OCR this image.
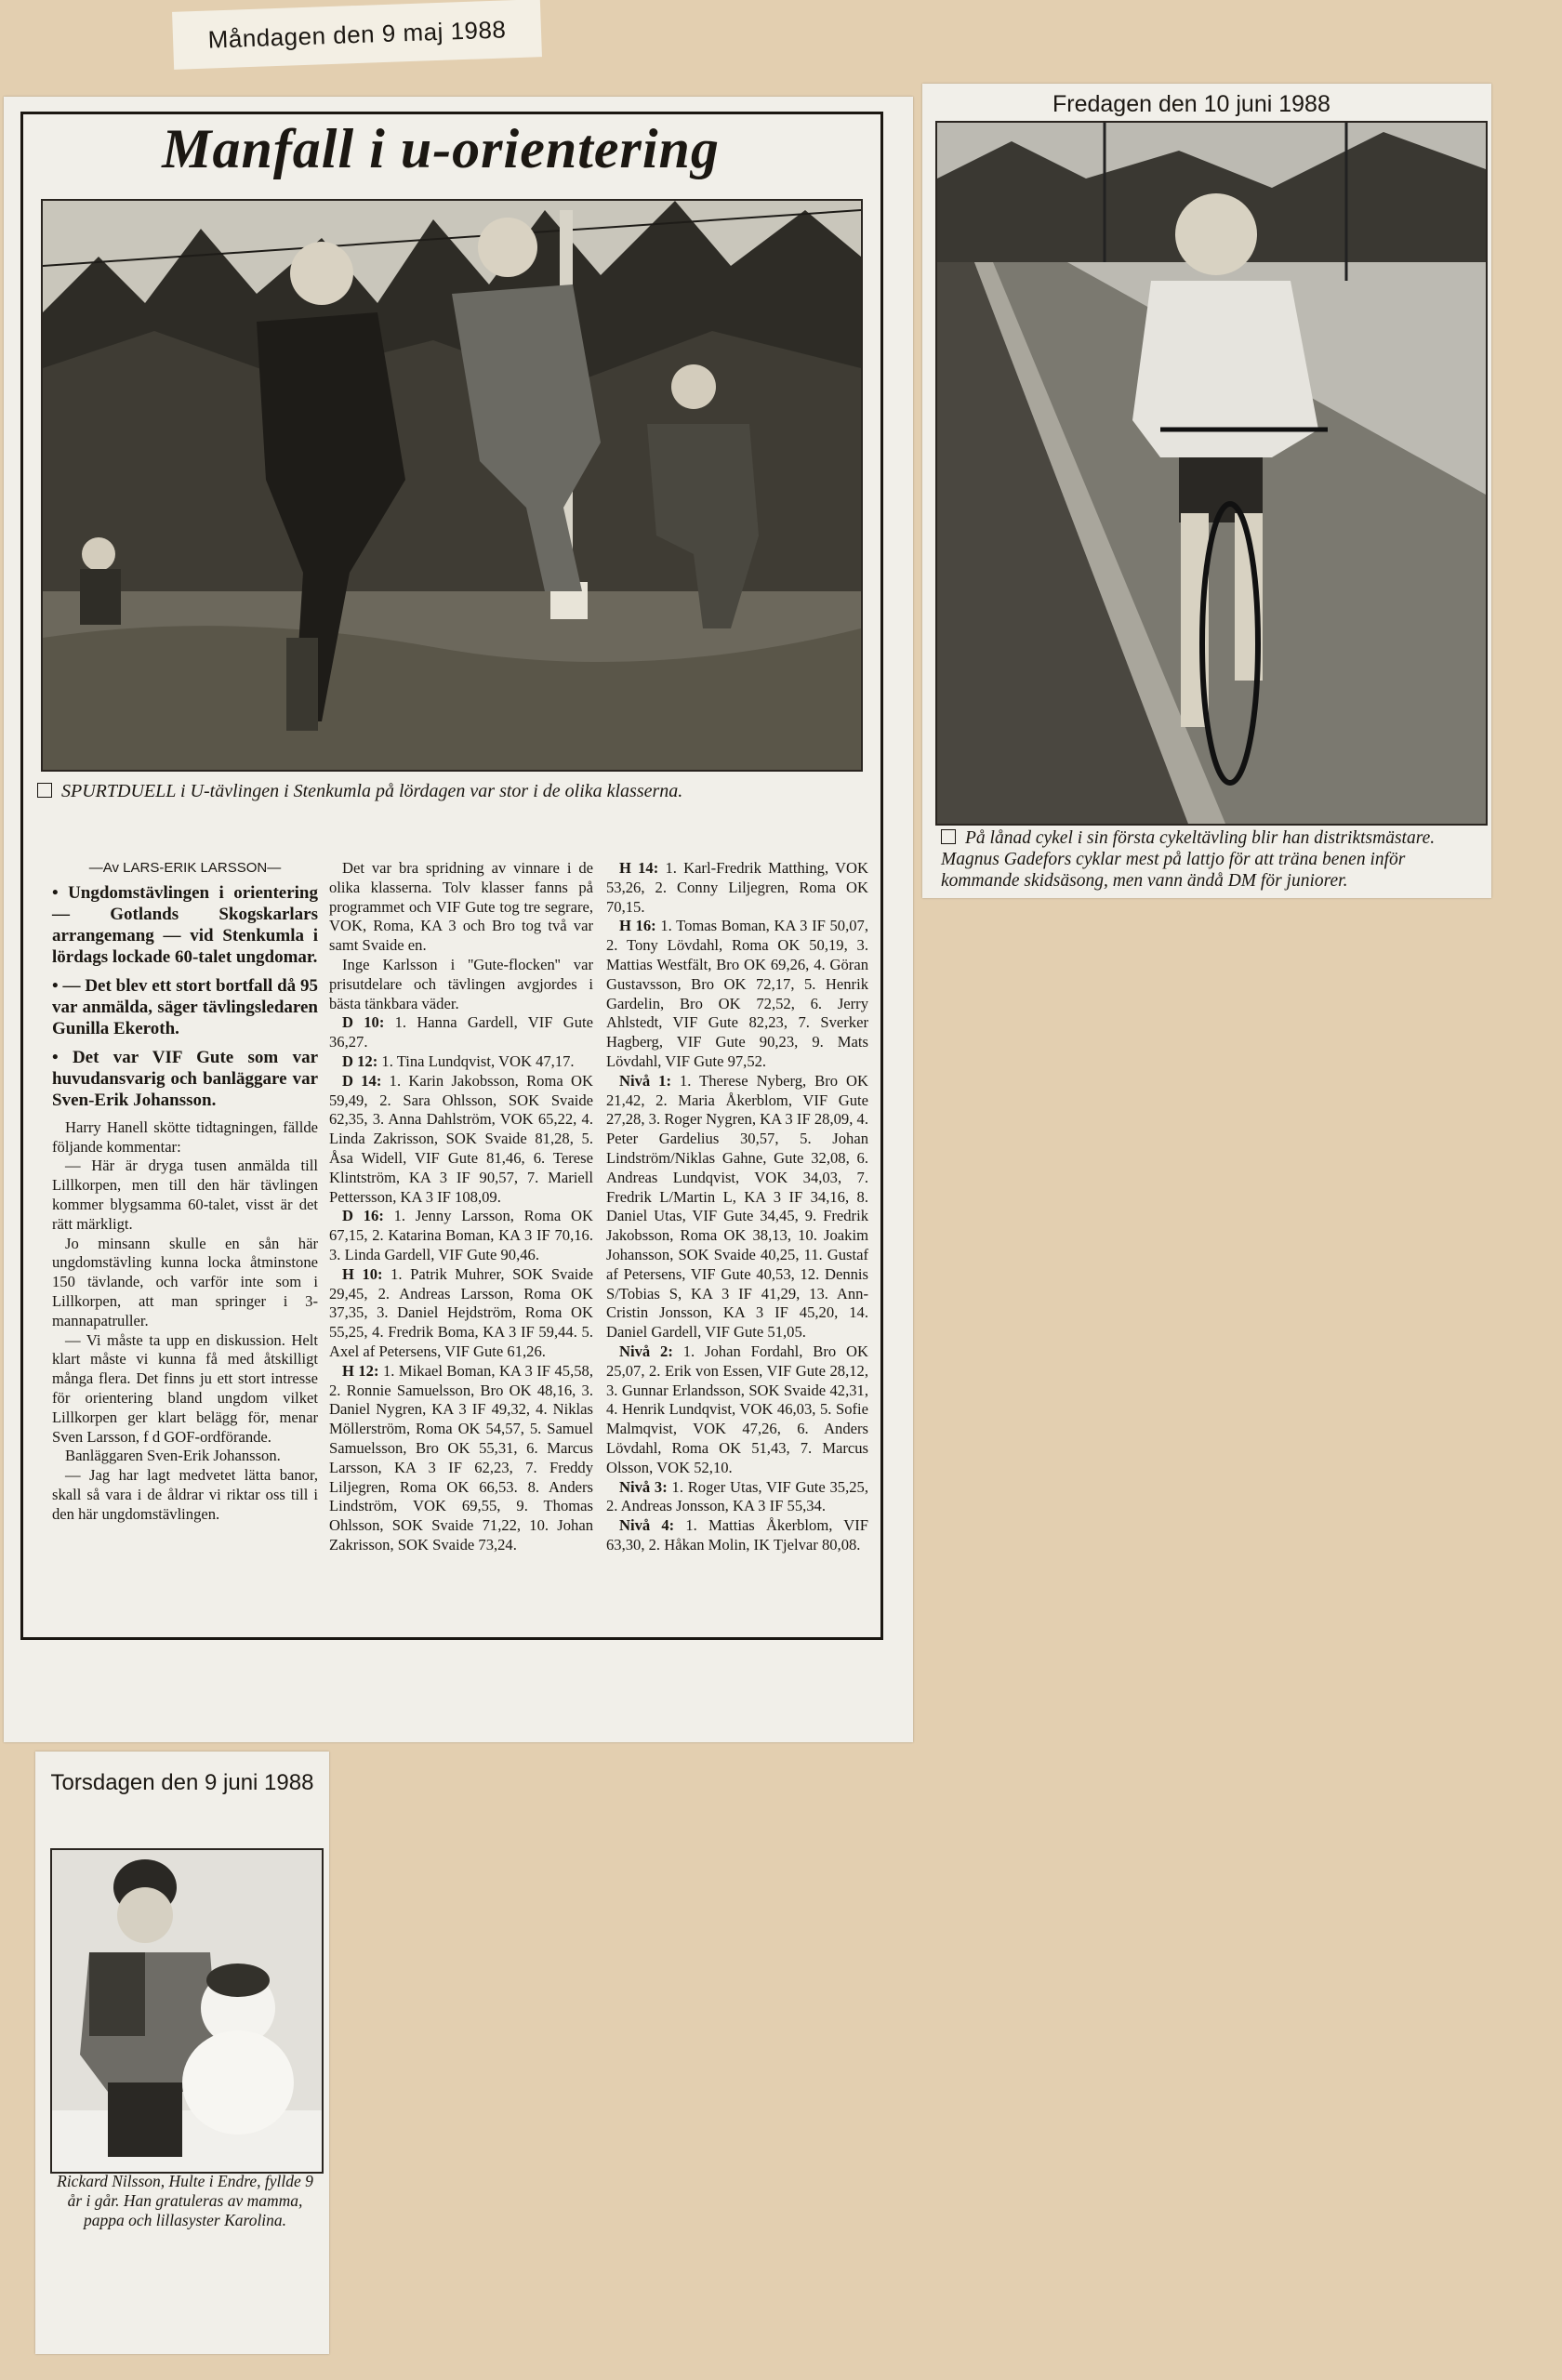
Måndagen den 9 maj 1988
Manfall i u-orientering
SPURTDUELL i U-tävlingen i Stenkumla på lördagen var stor i de olika klasserna.

—Av LARS-ERIK LARSSON—

• Ungdomstävlingen i orientering — Gotlands Skogskarlars arrangemang — vid Stenkumla i lördags lockade 60-talet ungdomar.

• — Det blev ett stort bortfall då 95 var anmälda, säger tävlingsledaren Gunilla Ekeroth.

• Det var VIF Gute som var huvudansvarig och banläggare var Sven-Erik Johansson.

Harry Hanell skötte tidtagningen, fällde följande kommentar:

— Här är dryga tusen anmälda till Lillkorpen, men till den här tävlingen kommer blygsamma 60-talet, visst är det rätt märkligt.

Jo minsann skulle en sån här ungdomstävling kunna locka åtminstone 150 tävlande, och varför inte som i Lillkorpen, att man springer i 3-mannapatruller.

— Vi måste ta upp en diskussion. Helt klart måste vi kunna få med åtskilligt många flera. Det finns ju ett stort intresse för orientering bland ungdom vilket Lillkorpen ger klart belägg för, menar Sven Larsson, f d GOF-ordförande.

Banläggaren Sven-Erik Johansson.

— Jag har lagt medvetet lätta banor, skall så vara i de åldrar vi riktar oss till i den här ungdomstävlingen.

Det var bra spridning av vinnare i de olika klasserna. Tolv klasser fanns på programmet och VIF Gute tog tre segrare, VOK, Roma, KA 3 och Bro tog två var samt Svaide en.

Inge Karlsson i ''Gute-flocken'' var prisutdelare och tävlingen avgjordes i bästa tänkbara väder.

D 10: 1. Hanna Gardell, VIF Gute 36,27.

D 12: 1. Tina Lundqvist, VOK 47,17.

D 14: 1. Karin Jakobsson, Roma OK 59,49, 2. Sara Ohlsson, SOK Svaide 62,35, 3. Anna Dahlström, VOK 65,22, 4. Linda Zakrisson, SOK Svaide 81,28, 5. Åsa Widell, VIF Gute 81,46, 6. Terese Klintström, KA 3 IF 90,57, 7. Mariell Pettersson, KA 3 IF 108,09.

D 16: 1. Jenny Larsson, Roma OK 67,15, 2. Katarina Boman, KA 3 IF 70,16. 3. Linda Gardell, VIF Gute 90,46.

H 10: 1. Patrik Muhrer, SOK Svaide 29,45, 2. Andreas Larsson, Roma OK 37,35, 3. Daniel Hejdström, Roma OK 55,25, 4. Fredrik Boma, KA 3 IF 59,44. 5. Axel af Petersens, VIF Gute 61,26.

H 12: 1. Mikael Boman, KA 3 IF 45,58, 2. Ronnie Samuelsson, Bro OK 48,16, 3. Daniel Nygren, KA 3 IF 49,32, 4. Niklas Möllerström, Roma OK 54,57, 5. Samuel Samuelsson, Bro OK 55,31, 6. Marcus Larsson, KA 3 IF 62,23, 7. Freddy Liljegren, Roma OK 66,53. 8. Anders Lindström, VOK 69,55, 9. Thomas Ohlsson, SOK Svaide 71,22, 10. Johan Zakrisson, SOK Svaide 73,24.

H 14: 1. Karl-Fredrik Matthing, VOK 53,26, 2. Conny Liljegren, Roma OK 70,15.

H 16: 1. Tomas Boman, KA 3 IF 50,07, 2. Tony Lövdahl, Roma OK 50,19, 3. Mattias Westfält, Bro OK 69,26, 4. Göran Gustavsson, Bro OK 72,17, 5. Henrik Gardelin, Bro OK 72,52, 6. Jerry Ahlstedt, VIF Gute 82,23, 7. Sverker Hagberg, VIF Gute 90,23, 9. Mats Lövdahl, VIF Gute 97,52.

Nivå 1: 1. Therese Nyberg, Bro OK 21,42, 2. Maria Åkerblom, VIF Gute 27,28, 3. Roger Nygren, KA 3 IF 28,09, 4. Peter Gardelius 30,57, 5. Johan Lindström/Niklas Gahne, Gute 32,08, 6. Andreas Lundqvist, VOK 34,03, 7. Fredrik L/Martin L, KA 3 IF 34,16, 8. Daniel Utas, VIF Gute 34,45, 9. Fredrik Jakobsson, Roma OK 38,13, 10. Joakim Johansson, SOK Svaide 40,25, 11. Gustaf af Petersens, VIF Gute 40,53, 12. Dennis S/Tobias S, KA 3 IF 41,29, 13. Ann-Cristin Jonsson, KA 3 IF 45,20, 14. Daniel Gardell, VIF Gute 51,05.

Nivå 2: 1. Johan Fordahl, Bro OK 25,07, 2. Erik von Essen, VIF Gute 28,12, 3. Gunnar Erlandsson, SOK Svaide 42,31, 4. Henrik Lundqvist, VOK 46,03, 5. Sofie Malmqvist, VOK 47,26, 6. Anders Lövdahl, Roma OK 51,43, 7. Marcus Olsson, VOK 52,10.

Nivå 3: 1. Roger Utas, VIF Gute 35,25, 2. Andreas Jonsson, KA 3 IF 55,34.

Nivå 4: 1. Mattias Åkerblom, VIF 63,30, 2. Håkan Molin, IK Tjelvar 80,08.

Fredagen den 10 juni 1988
På lånad cykel i sin första cykeltävling blir han distriktsmästare. Magnus Gadefors cyklar mest på lattjo för att träna benen inför kommande skidsäsong, men vann ändå DM för juniorer.
Torsdagen den 9 juni 1988
Rickard Nilsson, Hulte i Endre, fyllde 9 år i går. Han gratuleras av mamma, pappa och lillasyster Karolina.
